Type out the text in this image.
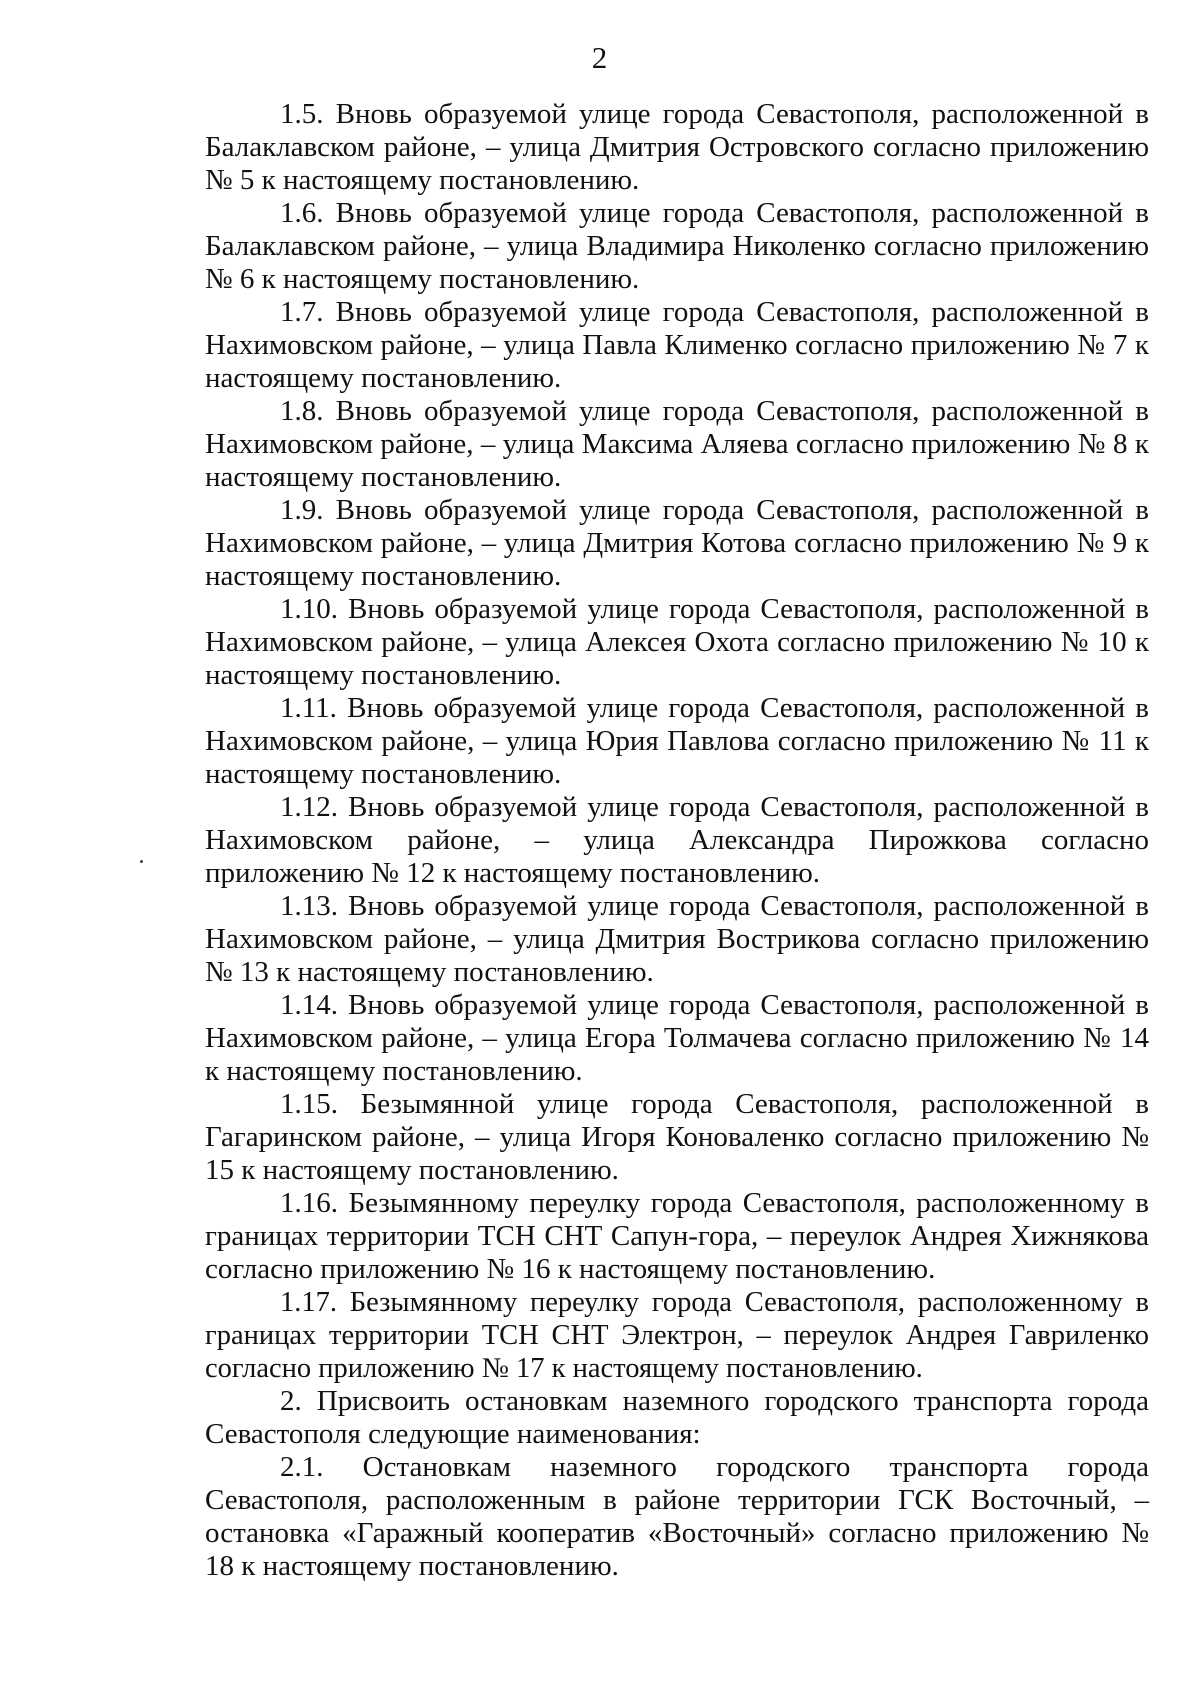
2

1.5. Вновь образуемой улице города Севастополя, расположенной в Балаклавском районе, – улица Дмитрия Островского согласно приложению № 5 к настоящему постановлению.

1.6. Вновь образуемой улице города Севастополя, расположенной в Балаклавском районе, – улица Владимира Николенко согласно приложению № 6 к настоящему постановлению.

1.7. Вновь образуемой улице города Севастополя, расположенной в Нахимовском районе, – улица Павла Клименко согласно приложению № 7 к настоящему постановлению.

1.8. Вновь образуемой улице города Севастополя, расположенной в Нахимовском районе, – улица Максима Аляева согласно приложению № 8 к настоящему постановлению.

1.9. Вновь образуемой улице города Севастополя, расположенной в Нахимовском районе, – улица Дмитрия Котова согласно приложению № 9 к настоящему постановлению.

1.10. Вновь образуемой улице города Севастополя, расположенной в Нахимовском районе, – улица Алексея Охота согласно приложению № 10 к настоящему постановлению.

1.11. Вновь образуемой улице города Севастополя, расположенной в Нахимовском районе, – улица Юрия Павлова согласно приложению № 11 к настоящему постановлению.

1.12. Вновь образуемой улице города Севастополя, расположенной в Нахимовском районе, – улица Александра Пирожкова согласно приложению № 12 к настоящему постановлению.

1.13. Вновь образуемой улице города Севастополя, расположенной в Нахимовском районе, – улица Дмитрия Вострикова согласно приложению № 13 к настоящему постановлению.

1.14. Вновь образуемой улице города Севастополя, расположенной в Нахимовском районе, – улица Егора Толмачева согласно приложению № 14 к настоящему постановлению.

1.15. Безымянной улице города Севастополя, расположенной в Гагаринском районе, – улица Игоря Коноваленко согласно приложению № 15 к настоящему постановлению.

1.16. Безымянному переулку города Севастополя, расположенному в границах территории ТСН СНТ Сапун-гора, – переулок Андрея Хижнякова согласно приложению № 16 к настоящему постановлению.

1.17. Безымянному переулку города Севастополя, расположенному в границах территории ТСН СНТ Электрон, – переулок Андрея Гавриленко согласно приложению № 17 к настоящему постановлению.

2. Присвоить остановкам наземного городского транспорта города Севастополя следующие наименования:

2.1. Остановкам наземного городского транспорта города Севастополя, расположенным в районе территории ГСК Восточный, – остановка «Гаражный кооператив «Восточный» согласно приложению № 18 к настоящему постановлению.
